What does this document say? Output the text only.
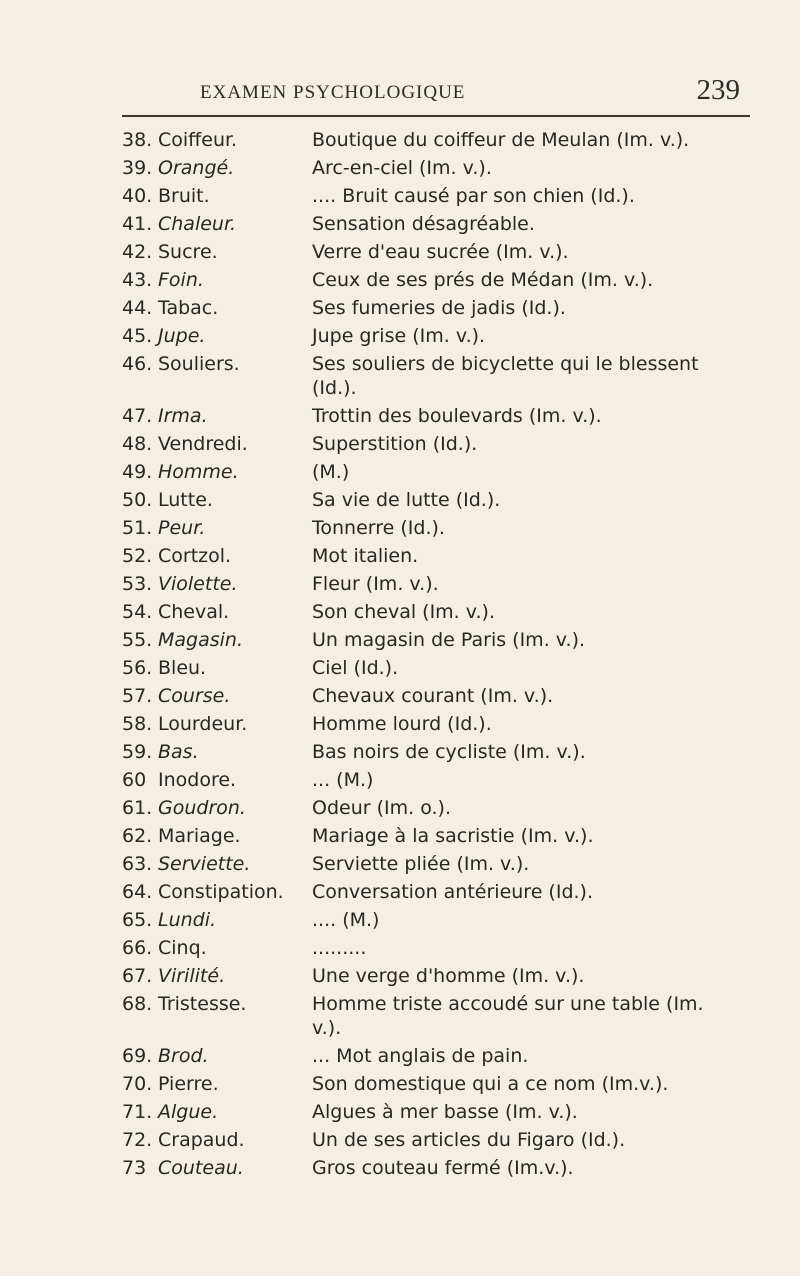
EXAMEN PSYCHOLOGIQUE	239
38. Coiffeur.	Boutique du coiffeur de Meulan (Im. v.).
39. Orangé.	Arc-en-ciel (Im. v.).
40. Bruit.	.... Bruit causé par son chien (Id.).
41. Chaleur.	Sensation désagréable.
42. Sucre.	Verre d'eau sucrée (Im. v.).
43. Foin.	Ceux de ses prés de Médan (Im. v.).
44. Tabac.	Ses fumeries de jadis (Id.).
45. Jupe.	Jupe grise (Im. v.).
46. Souliers.	Ses souliers de bicyclette qui le blessent (Id.).
47. Irma.	Trottin des boulevards (Im. v.).
48. Vendredi.	Superstition (Id.).
49. Homme.	(M.)
50. Lutte.	Sa vie de lutte (Id.).
51. Peur.	Tonnerre (Id.).
52. Cortzol.	Mot italien.
53. Violette.	Fleur (Im. v.).
54. Cheval.	Son cheval (Im. v.).
55. Magasin.	Un magasin de Paris (Im. v.).
56. Bleu.	Ciel (Id.).
57. Course.	Chevaux courant (Im. v.).
58. Lourdeur.	Homme lourd (Id.).
59. Bas.	Bas noirs de cycliste (Im. v.).
60 Inodore.	... (M.)
61. Goudron.	Odeur (Im. o.).
62. Mariage.	Mariage à la sacristie (Im. v.).
63. Serviette.	Serviette pliée (Im. v.).
64. Constipation.	Conversation antérieure (Id.).
65. Lundi.	.... (M.)
66. Cinq.	.........
67. Virilité.	Une verge d'homme (Im. v.).
68. Tristesse.	Homme triste accoudé sur une table (Im. v.).
69. Brod.	... Mot anglais de pain.
70. Pierre.	Son domestique qui a ce nom (Im.v.).
71. Algue.	Algues à mer basse (Im. v.).
72. Crapaud.	Un de ses articles du Figaro (Id.).
73 Couteau.	Gros couteau fermé (Im.v.).
